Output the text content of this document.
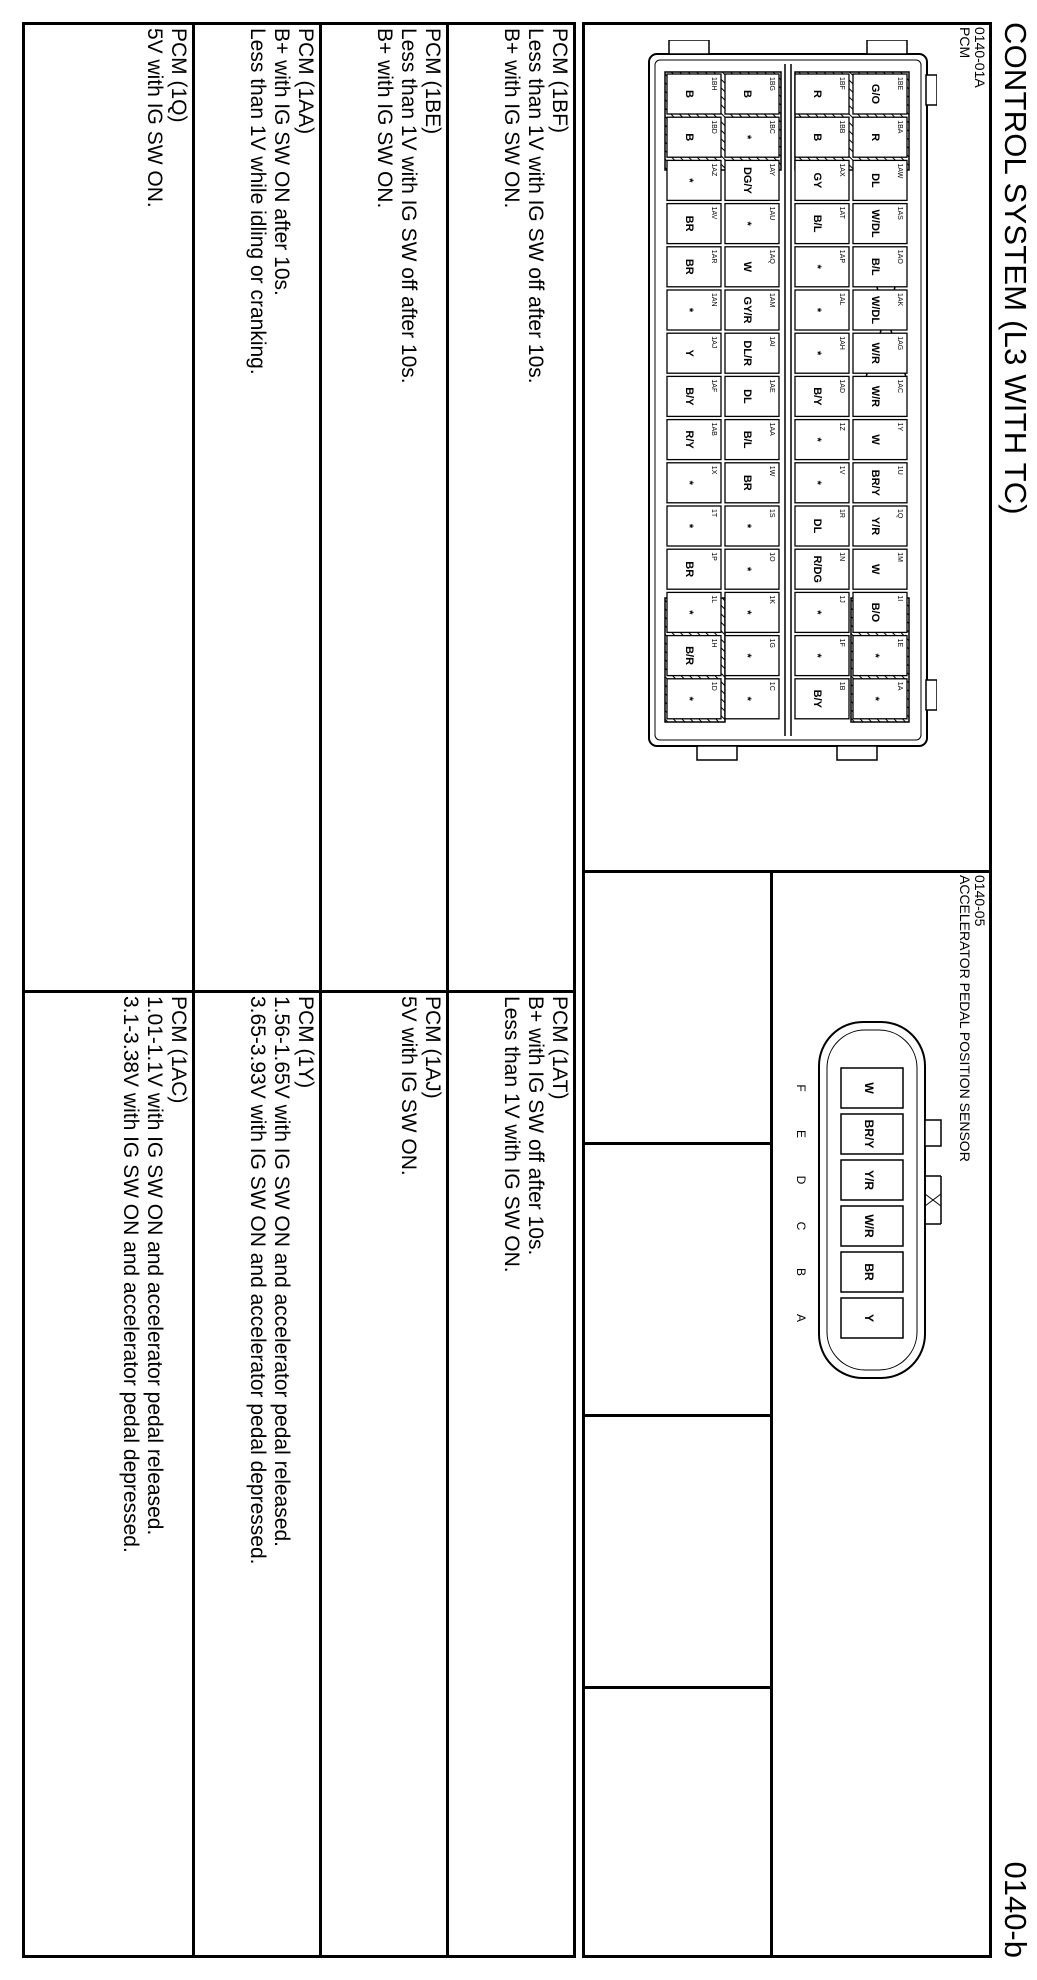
CONTROL SYSTEM (L3 WITH TC)
0140-b
0140-01A
PCM
0140-05
ACCELERATOR PEDAL POSITION SENSOR
1BE
G/O
1BA
R
1AW
DL
1AS
W/DL
1AO
B/L
1AK
W/DL
1AG
W/R
1AC
W/R
1Y
W
1U
BR/Y
1Q
Y/R
1M
W
1I
B/O
1E
*
1A
*
1BF
R
1BB
B
1AX
GY
1AT
B/L
1AP
*
1AL
*
1AH
*
1AD
B/Y
1Z
*
1V
*
1R
DL
1N
R/DG
1J
*
1F
*
1B
B/Y
1BG
B
1BC
*
1AY
DG/Y
1AU
*
1AQ
W
1AM
GY/R
1AI
DL/R
1AE
DL
1AA
B/L
1W
BR
1S
*
1O
*
1K
*
1G
*
1C
*
1BH
B
1BD
B
1AZ
*
1AV
BR
1AR
BR
1AN
*
1AJ
Y
1AF
B/Y
1AB
R/Y
1X
*
1T
*
1P
BR
1L
*
1H
B/R
1D
*
W
F
BR/Y
E
Y/R
D
W/R
C
BR
B
Y
A
PCM (1BF)
Less than 1V with IG SW off after 10s.
B+ with IG SW ON.
PCM (1AT)
B+ with IG SW off after 10s.
Less than 1V with IG SW ON.
PCM (1BE)
Less than 1V with IG SW off after 10s.
B+ with IG SW ON.
PCM (1AJ)
5V with IG SW ON.
PCM (1AA)
B+ with IG SW ON after 10s.
Less than 1V while idling or cranking.
PCM (1Y)
1.56-1.65V with IG SW ON and accelerator pedal released.
3.65-3.93V with IG SW ON and accelerator pedal depressed.
PCM (1Q)
5V with IG SW ON.
PCM (1AC)
1.01-1.1V with IG SW ON and accelerator pedal released.
3.1-3.38V with IG SW ON and accelerator pedal depressed.
